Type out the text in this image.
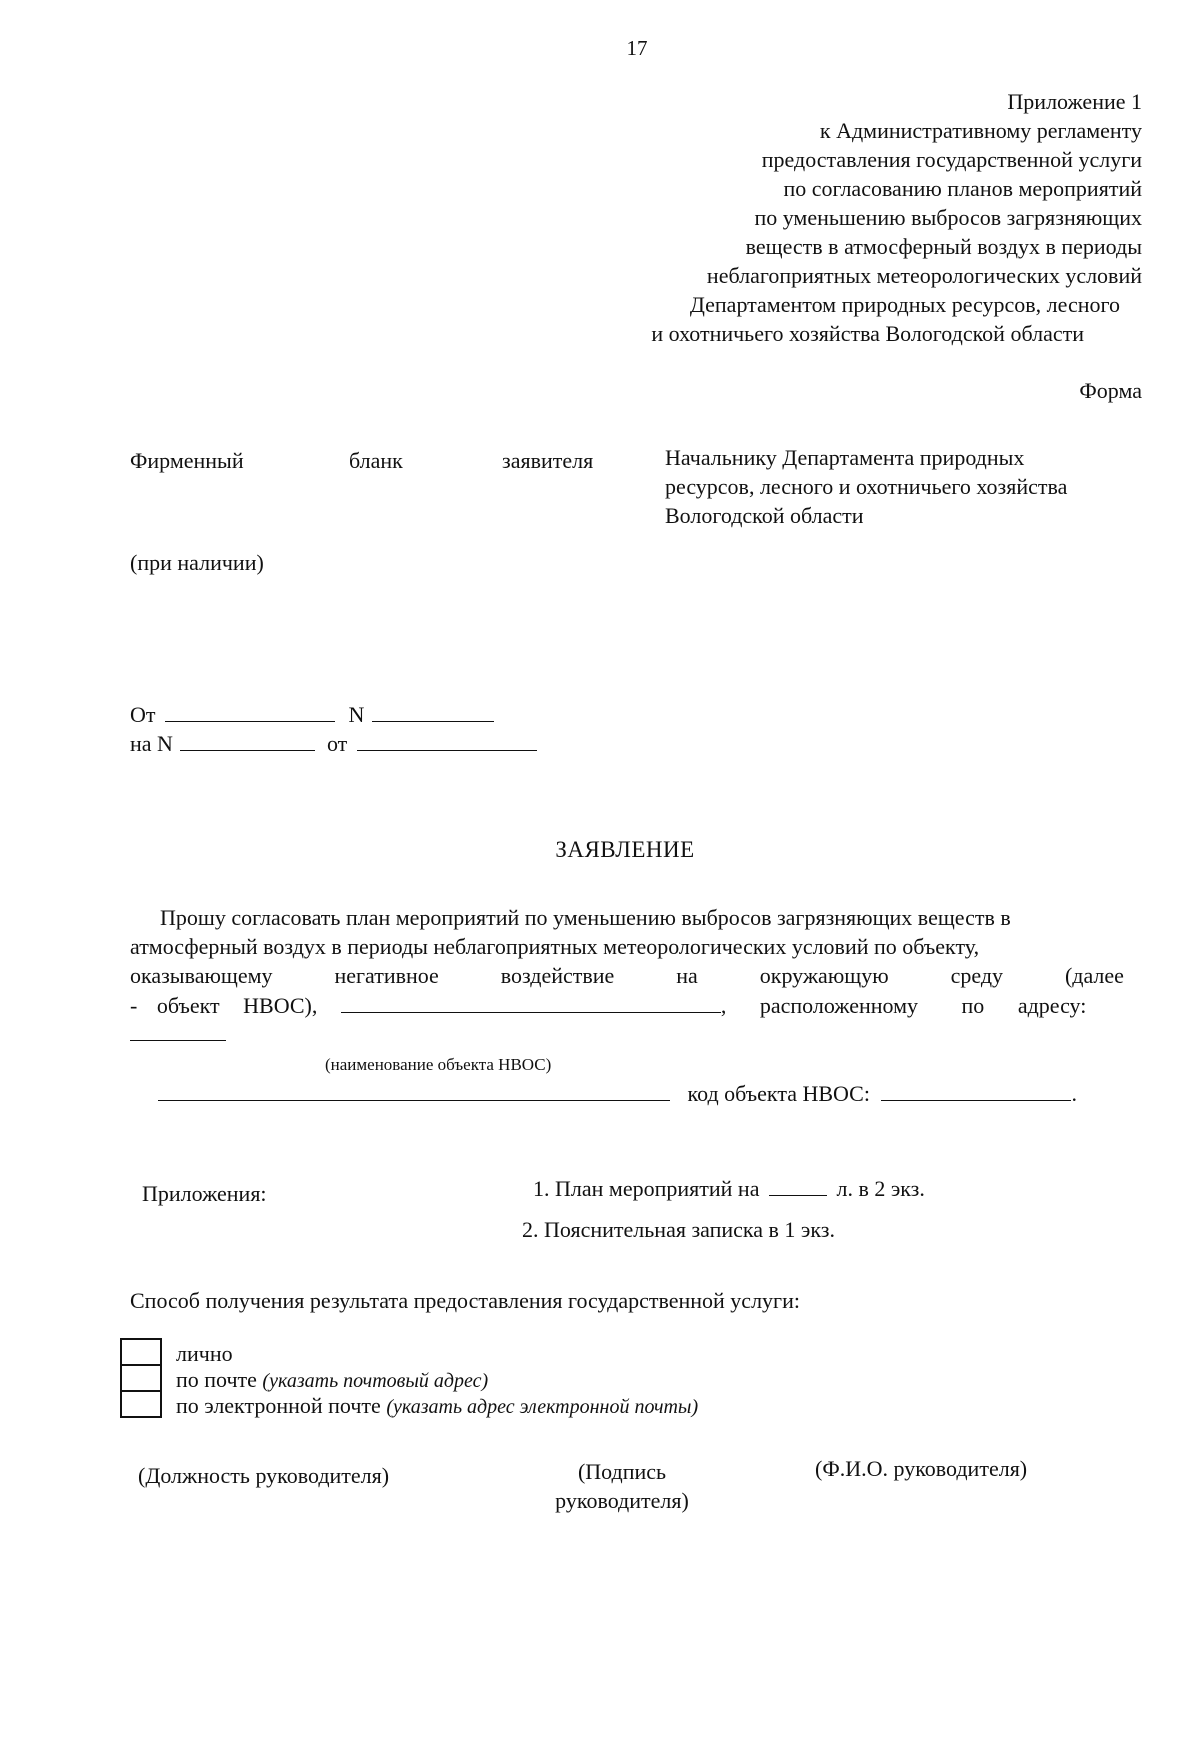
17
Приложение 1
к Административному регламенту
предоставления государственной услуги
по согласованию планов мероприятий
по уменьшению выбросов загрязняющих
веществ в атмосферный воздух в периоды
неблагоприятных метеорологических условий
Департаментом природных ресурсов, лесного
и охотничьего хозяйства Вологодской области
Форма
Фирменный	бланк	заявителя
(при наличии)
Начальнику Департамента природных
ресурсов, лесного и охотничьего хозяйства
Вологодской области
От	N
на N	от
ЗАЯВЛЕНИЕ
Прошу согласовать план мероприятий по уменьшению выбросов загрязняющих веществ в
атмосферный воздух в периоды неблагоприятных метеорологических условий по объекту,
оказывающему	негативное	воздействие	на	окружающую	среду	(далее
- объект НВОС),	, расположенному по адресу:
(наименование объекта НВОС)
код объекта НВОС:	.
Приложения:	1. План мероприятий на	л. в 2 экз.
2. Пояснительная записка в 1 экз.
Способ получения результата предоставления государственной услуги:
лично
по почте (указать почтовый адрес)
по электронной почте (указать адрес электронной почты)
(Должность руководителя)	(Подпись
руководителя)
(Ф.И.О. руководителя)
